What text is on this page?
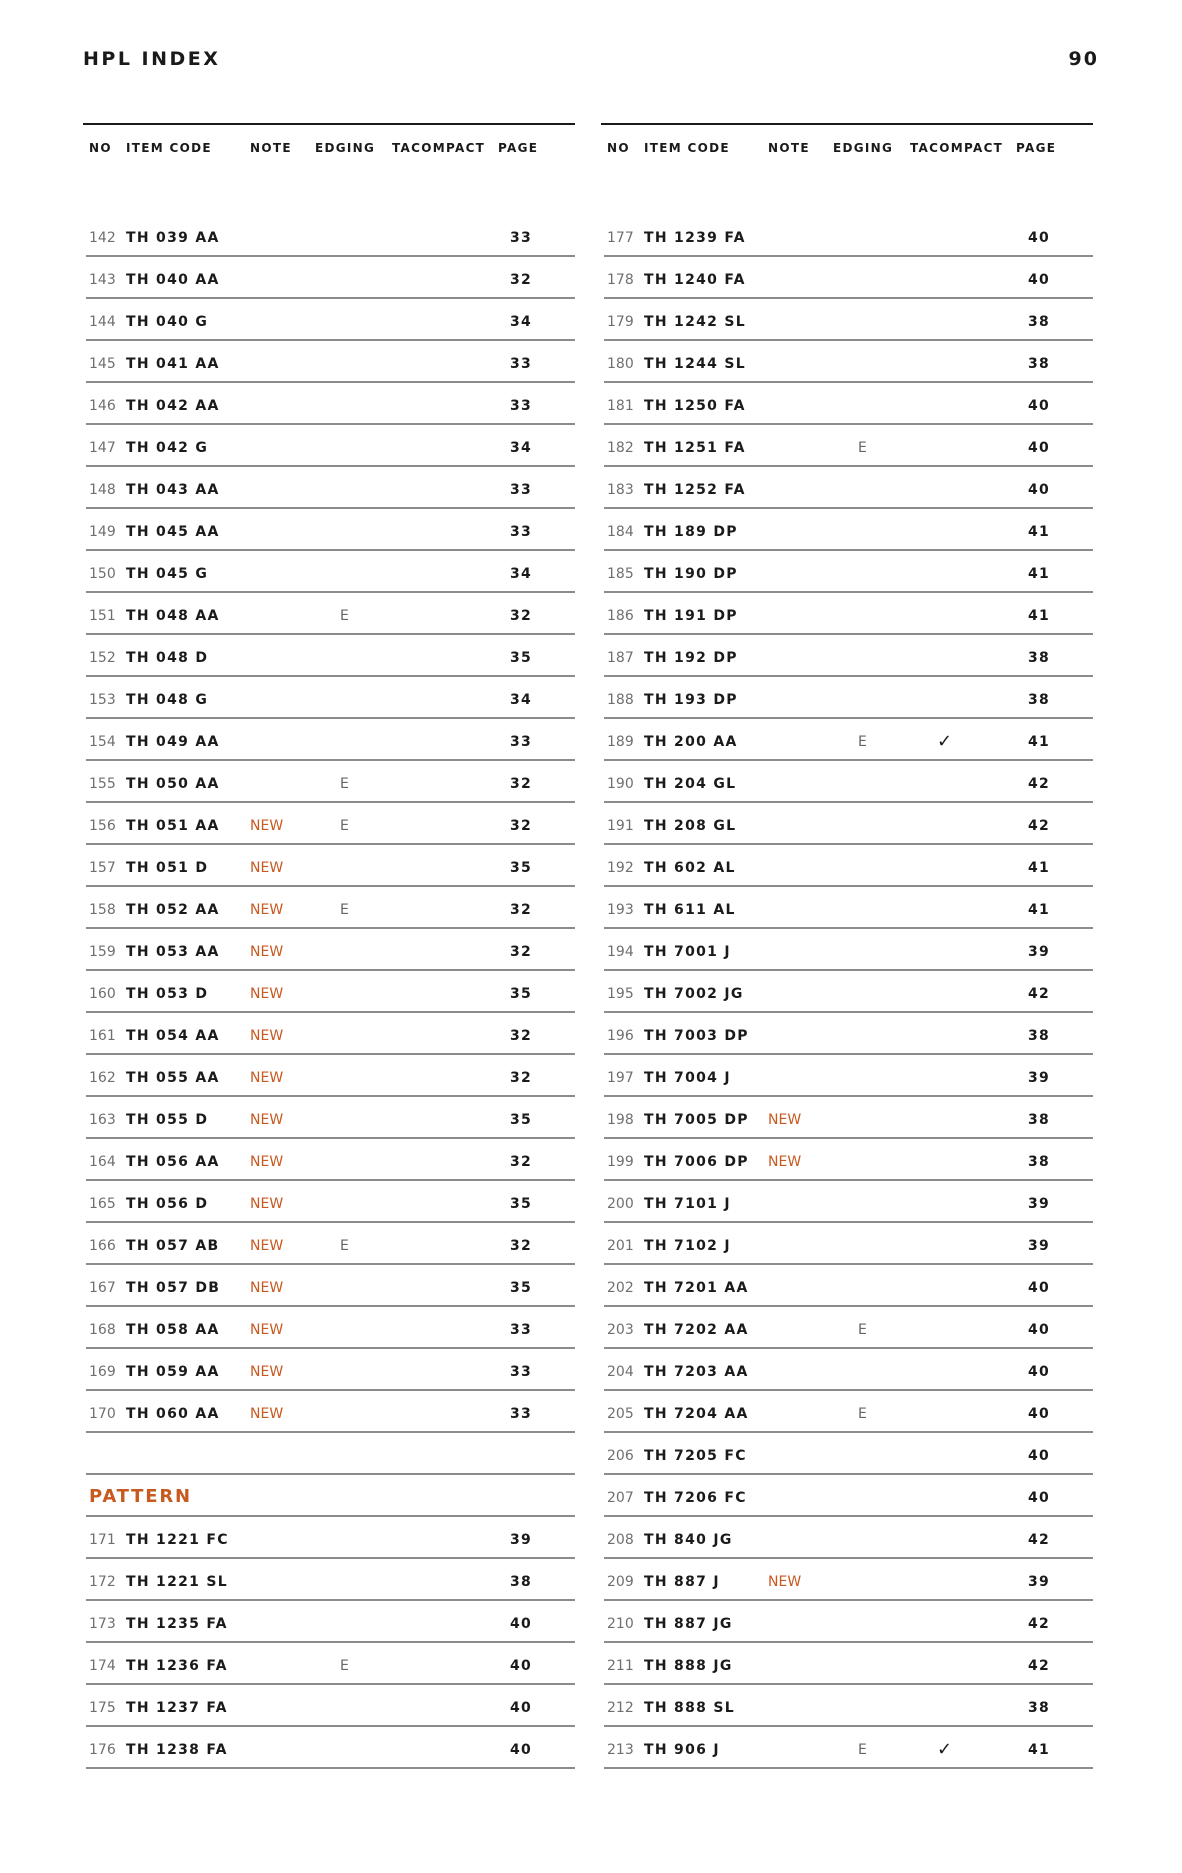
HPL INDEX	90
NO ITEM CODE	NOTE EDGING TACOMPACT PAGE
142 TH 039 AA	33
143 TH 040 AA	32
144 TH 040 G	34
145 TH 041 AA	33
146 TH 042 AA	33
147 TH 042 G	34
148 TH 043 AA	33
149 TH 045 AA	33
150 TH 045 G	34
151 TH 048 AA	E	32
152 TH 048 D	35
153 TH 048 G	34
154 TH 049 AA	33
155 TH 050 AA	E	32
156 TH 051 AA NEW	E	32
157 TH 051 D	NEW	35
158 TH 052 AA NEW	E	32
159 TH 053 AA NEW	32
160 TH 053 D	NEW	35
161 TH 054 AA NEW	32
162 TH 055 AA NEW	32
163 TH 055 D	NEW	35
164 TH 056 AA NEW	32
165 TH 056 D	NEW	35
166 TH 057 AB NEW	E	32
167 TH 057 DB NEW	35
168 TH 058 AA NEW	33
169 TH 059 AA NEW	33
170 TH 060 AA NEW	33
PATTERN
171 TH 1221 FC	39
172 TH 1221 SL	38
173 TH 1235 FA	40
174 TH 1236 FA	E	40
175 TH 1237 FA	40
176 TH 1238 FA	40
NO ITEM CODE	NOTE EDGING TACOMPACT PAGE
177 TH 1239 FA	40
178 TH 1240 FA	40
179 TH 1242 SL	38
180 TH 1244 SL	38
181 TH 1250 FA	40
182 TH 1251 FA	E	40
183 TH 1252 FA	40
184 TH 189 DP	41
185 TH 190 DP	41
186 TH 191 DP	41
187 TH 192 DP	38
188 TH 193 DP	38
189 TH 200 AA	E	✓	41
190 TH 204 GL	42
191 TH 208 GL	42
192 TH 602 AL	41
193 TH 611 AL	41
194 TH 7001 J	39
195 TH 7002 JG	42
196 TH 7003 DP	38
197 TH 7004 J	39
198 TH 7005 DP NEW	38
199 TH 7006 DP NEW	38
200 TH 7101 J	39
201 TH 7102 J	39
202 TH 7201 AA	40
203 TH 7202 AA	E	40
204 TH 7203 AA	40
205 TH 7204 AA	E	40
206 TH 7205 FC	40
207 TH 7206 FC	40
208 TH 840 JG	42
209 TH 887 J	NEW	39
210 TH 887 JG	42
211 TH 888 JG	42
212 TH 888 SL	38
213 TH 906 J	E	✓	41
